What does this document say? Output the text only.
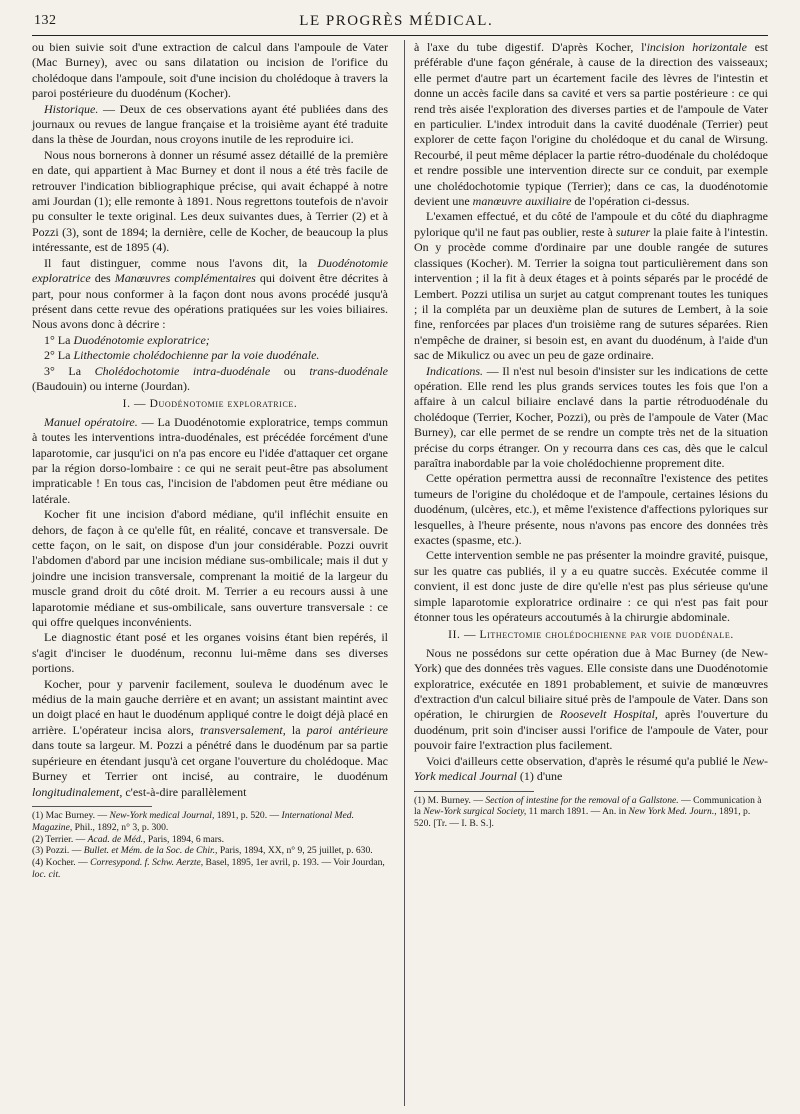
132	LE PROGRÈS MÉDICAL.

ou bien suivie soit d'une extraction de calcul dans l'ampoule de Vater (Mac Burney), avec ou sans dilatation ou incision de l'orifice du cholédoque dans l'ampoule, soit d'une incision du cholédoque à travers la paroi postérieure du duodénum (Kocher).

Historique. — Deux de ces observations ayant été publiées dans des journaux ou revues de langue française et la troisième ayant été traduite dans la thèse de Jourdan, nous croyons inutile de les reproduire ici.

Nous nous bornerons à donner un résumé assez détaillé de la première en date, qui appartient à Mac Burney et dont il nous a été très facile de retrouver l'indication bibliographique précise, qui avait échappé à notre ami Jourdan (1); elle remonte à 1891. Nous regrettons toutefois de n'avoir pu consulter le texte original. Les deux suivantes dues, à Terrier (2) et à Pozzi (3), sont de 1894; la dernière, celle de Kocher, de beaucoup la plus intéressante, est de 1895 (4).

Il faut distinguer, comme nous l'avons dit, la Duodénotomie exploratrice des Manœuvres complémentaires qui doivent être décrites à part, pour nous conformer à la façon dont nous avons procédé jusqu'à présent dans cette revue des opérations pratiquées sur les voies biliaires. Nous avons donc à décrire :

1° La Duodénotomie exploratrice;

2° La Lithectomie cholédochienne par la voie duodénale.

3° La Cholédochotomie intra-duodénale ou trans-duodénale (Baudouin) ou interne (Jourdan).

I. — Duodénotomie exploratrice.

Manuel opératoire. — La Duodénotomie exploratrice, temps commun à toutes les interventions intra-duodénales, est précédée forcément d'une laparotomie, car jusqu'ici on n'a pas encore eu l'idée d'attaquer cet organe par la région dorso-lombaire : ce qui ne serait peut-être pas absolument impraticable ! En tous cas, l'incision de l'abdomen peut être médiane ou latérale.

Kocher fit une incision d'abord médiane, qu'il infléchit ensuite en dehors, de façon à ce qu'elle fût, en réalité, concave et transversale. De cette façon, on le sait, on dispose d'un jour considérable. Pozzi ouvrit l'abdomen d'abord par une incision médiane sus-ombilicale; mais il dut y joindre une incision transversale, comprenant la moitié de la largeur du muscle grand droit du côté droit. M. Terrier a eu recours aussi à une laparotomie médiane et sus-ombilicale, sans ouverture transversale : ce qui offre quelques inconvénients.

Le diagnostic étant posé et les organes voisins étant bien repérés, il s'agit d'inciser le duodénum, reconnu lui-même dans ses diverses portions.

Kocher, pour y parvenir facilement, souleva le duodénum avec le médius de la main gauche derrière et en avant; un assistant maintint avec un doigt placé en haut le duodénum appliqué contre le doigt déjà placé en arrière. L'opérateur incisa alors, transversalement, la paroi antérieure dans toute sa largeur. M. Pozzi a pénétré dans le duodénum par sa partie supérieure en étendant jusqu'à cet organe l'ouverture du cholédoque. Mac Burney et Terrier ont incisé, au contraire, le duodénum longitudinalement, c'est-à-dire parallèlement

(1) Mac Burney. — New-York medical Journal, 1891, p. 520. — International Med. Magazine, Phil., 1892, n° 3, p. 300.

(2) Terrier. — Acad. de Méd., Paris, 1894, 6 mars.

(3) Pozzi. — Bullet. et Mém. de la Soc. de Chir., Paris, 1894, XX, n° 9, 25 juillet, p. 630.

(4) Kocher. — Corresypond. f. Schw. Aerzte, Basel, 1895, 1er avril, p. 193. — Voir Jourdan, loc. cit.

à l'axe du tube digestif. D'après Kocher, l'incision horizontale est préférable d'une façon générale, à cause de la direction des vaisseaux; elle permet d'autre part un écartement facile des lèvres de l'intestin et donne un accès facile dans sa cavité et vers sa partie postérieure : ce qui rend très aisée l'exploration des diverses parties et de l'ampoule de Vater en particulier. L'index introduit dans la cavité duodénale (Terrier) peut explorer de cette façon l'origine du cholédoque et du canal de Wirsung. Recourbé, il peut même déplacer la partie rétro-duodénale du cholédoque et rendre possible une intervention directe sur ce conduit, par exemple une cholédochotomie typique (Terrier); dans ce cas, la duodénotomie devient une manœuvre auxiliaire de l'opération ci-dessus.

L'examen effectué, et du côté de l'ampoule et du côté du diaphragme pylorique qu'il ne faut pas oublier, reste à suturer la plaie faite à l'intestin. On y procède comme d'ordinaire par une double rangée de sutures classiques (Kocher). M. Terrier la soigna tout particulièrement dans son intervention ; il la fit à deux étages et à points séparés par le procédé de Lembert. Pozzi utilisa un surjet au catgut comprenant toutes les tuniques ; il la compléta par un deuxième plan de sutures de Lembert, à la soie fine, renforcées par places d'un troisième rang de sutures séparées. Rien n'empêche de drainer, si besoin est, en avant du duodénum, à l'aide d'un sac de Mikulicz ou avec un peu de gaze ordinaire.

Indications. — Il n'est nul besoin d'insister sur les indications de cette opération. Elle rend les plus grands services toutes les fois que l'on a affaire à un calcul biliaire enclavé dans la partie rétroduodénale du cholédoque (Terrier, Kocher, Pozzi), ou près de l'ampoule de Vater (Mac Burney), car elle permet de se rendre un compte très net de la situation précise du corps étranger. On y recourra dans ces cas, dès que le calcul paraîtra inabordable par la voie cholédochienne proprement dite.

Cette opération permettra aussi de reconnaître l'existence des petites tumeurs de l'origine du cholédoque et de l'ampoule, certaines lésions du duodénum, (ulcères, etc.), et même l'existence d'affections pyloriques sur lesquelles, à l'heure présente, nous n'avons pas encore des données très exactes (spasme, etc.).

Cette intervention semble ne pas présenter la moindre gravité, puisque, sur les quatre cas publiés, il y a eu quatre succès. Exécutée comme il convient, il est donc juste de dire qu'elle n'est pas plus sérieuse qu'une simple laparotomie exploratrice ordinaire : ce qui n'est pas fait pour étonner tous les opérateurs accoutumés à la chirurgie abdominale.

II. — Lithectomie cholédochienne par voie duodénale.

Nous ne possédons sur cette opération due à Mac Burney (de New-York) que des données très vagues. Elle consiste dans une Duodénotomie exploratrice, exécutée en 1891 probablement, et suivie de manœuvres d'extraction d'un calcul biliaire situé près de l'ampoule de Vater. Dans son opération, le chirurgien de Roosevelt Hospital, après l'ouverture du duodénum, prit soin d'inciser aussi l'orifice de l'ampoule de Vater, pour pouvoir faire l'extraction plus facilement.

Voici d'ailleurs cette observation, d'après le résumé qu'a publié le New-York medical Journal (1) d'une

(1) M. Burney. — Section of intestine for the removal of a Gallstone. — Communication à la New-York surgical Society, 11 march 1891. — An. in New York Med. Journ., 1891, p. 520. [Tr. — I. B. S.].
